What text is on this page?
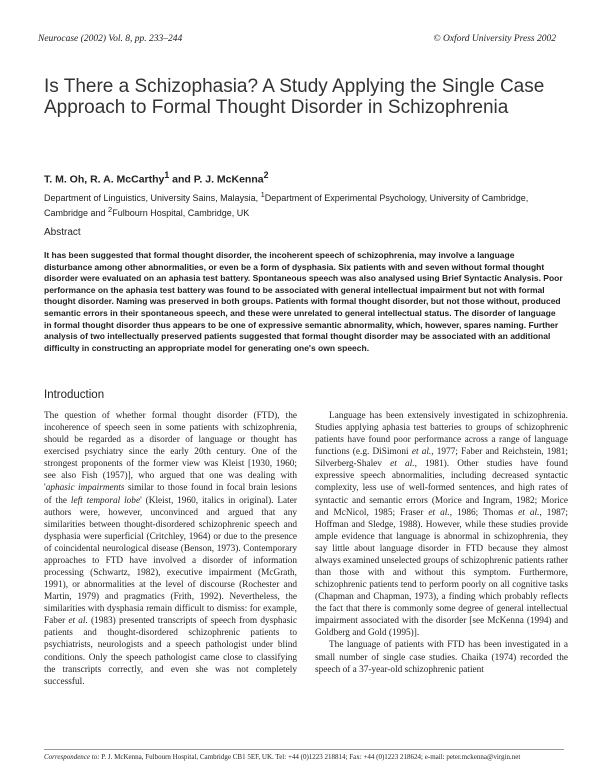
Neurocase (2002) Vol. 8, pp. 233–244	© Oxford University Press 2002
Is There a Schizophasia? A Study Applying the Single Case Approach to Formal Thought Disorder in Schizophrenia
T. M. Oh, R. A. McCarthy$^1$ and P. J. McKenna$^2$
Department of Linguistics, University Sains, Malaysia, $^1$Department of Experimental Psychology, University of Cambridge, Cambridge and $^2$Fulbourn Hospital, Cambridge, UK
Abstract
It has been suggested that formal thought disorder, the incoherent speech of schizophrenia, may involve a language disturbance among other abnormalities, or even be a form of dysphasia. Six patients with and seven without formal thought disorder were evaluated on an aphasia test battery. Spontaneous speech was also analysed using Brief Syntactic Analysis. Poor performance on the aphasia test battery was found to be associated with general intellectual impairment but not with formal thought disorder. Naming was preserved in both groups. Patients with formal thought disorder, but not those without, produced semantic errors in their spontaneous speech, and these were unrelated to general intellectual status. The disorder of language in formal thought disorder thus appears to be one of expressive semantic abnormality, which, however, spares naming. Further analysis of two intellectually preserved patients suggested that formal thought disorder may be associated with an additional difficulty in constructing an appropriate model for generating one's own speech.
Introduction

The question of whether formal thought disorder (FTD), the incoherence of speech seen in some patients with schizophrenia, should be regarded as a disorder of language or thought has exercised psychiatry since the early 20th century. One of the strongest proponents of the former view was Kleist [1930, 1960; see also Fish (1957)], who argued that one was dealing with 'aphasic impairments similar to those found in focal brain lesions of the left temporal lobe' (Kleist, 1960, italics in original). Later authors were, however, unconvinced and argued that any similarities between thought-disordered schizophrenic speech and dysphasia were superficial (Critchley, 1964) or due to the presence of coincidental neurological disease (Benson, 1973). Contemporary approaches to FTD have involved a disorder of information processing (Schwartz, 1982), executive impairment (McGrath, 1991), or abnormalities at the level of discourse (Rochester and Martin, 1979) and pragmatics (Frith, 1992). Nevertheless, the similarities with dysphasia remain difficult to dismiss: for example, Faber et al. (1983) presented transcripts of speech from dysphasic patients and thought-disordered schizophrenic patients to psychiatrists, neurologists and a speech pathologist under blind conditions. Only the speech pathologist came close to classifying the transcripts correctly, and even she was not completely successful.

Language has been extensively investigated in schizophrenia. Studies applying aphasia test batteries to groups of schizophrenic patients have found poor performance across a range of language functions (e.g. DiSimoni et al., 1977; Faber and Reichstein, 1981; Silverberg-Shalev et al., 1981). Other studies have found expressive speech abnormalities, including decreased syntactic complexity, less use of well-formed sentences, and high rates of syntactic and semantic errors (Morice and Ingram, 1982; Morice and McNicol, 1985; Fraser et al., 1986; Thomas et al., 1987; Hoffman and Sledge, 1988). However, while these studies provide ample evidence that language is abnormal in schizophrenia, they say little about language disorder in FTD because they almost always examined unselected groups of schizophrenic patients rather than those with and without this symptom. Furthermore, schizophrenic patients tend to perform poorly on all cognitive tasks (Chapman and Chapman, 1973), a finding which probably reflects the fact that there is commonly some degree of general intellectual impairment associated with the disorder [see McKenna (1994) and Goldberg and Gold (1995)].

The language of patients with FTD has been investigated in a small number of single case studies. Chaika (1974) recorded the speech of a 37-year-old schizophrenic patient

Correspondence to: P. J. McKenna, Fulbourn Hospital, Cambridge CB1 5EF, UK. Tel: +44 (0)1223 218814; Fax: +44 (0)1223 218624; e-mail: peter.mckenna@virgin.net
